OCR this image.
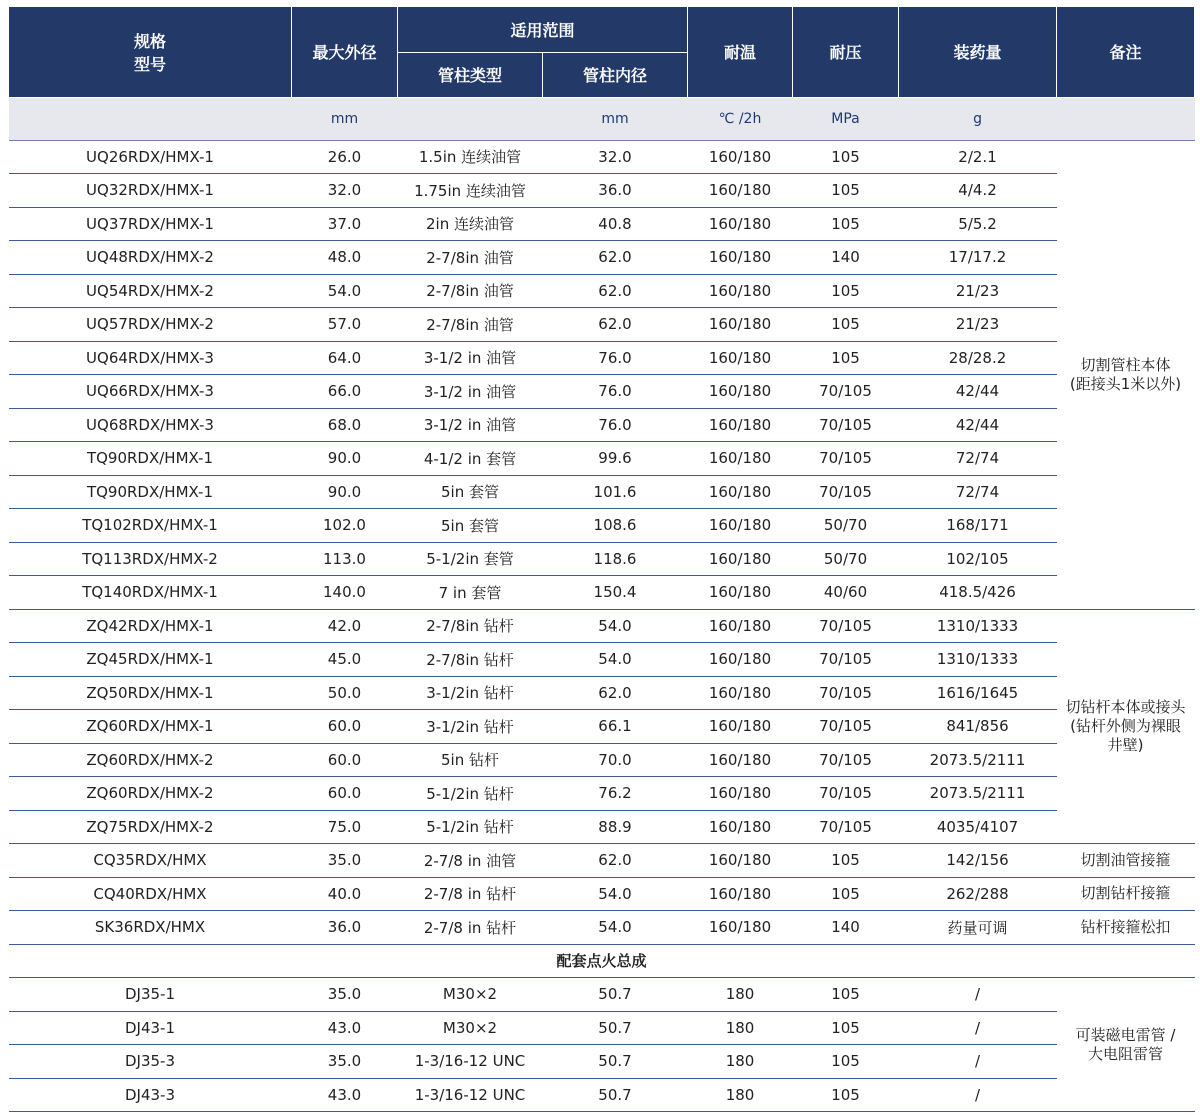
规格
型号	最大外径	适用范围		耐温	耐压	装药量	备注
		管柱类型	管柱内径				
	mm		mm	℃ /2h	MPa	g	
UQ26RDX/HMX-1	26.0	1.5in 连续油管	32.0	160/180	105	2/2.1	切割管柱本体
(距接头1米以外)

UQ32RDX/HMX-1	32.0	1.75in 连续油管	36.0	160/180	105	4/4.2	
UQ37RDX/HMX-1	37.0	2in 连续油管	40.8	160/180	105	5/5.2	
UQ48RDX/HMX-2	48.0	2-7/8in 油管	62.0	160/180	140	17/17.2	
UQ54RDX/HMX-2	54.0	2-7/8in 油管	62.0	160/180	105	21/23	
UQ57RDX/HMX-2	57.0	2-7/8in 油管	62.0	160/180	105	21/23	
UQ64RDX/HMX-3	64.0	3-1/2 in 油管	76.0	160/180	105	28/28.2	
UQ66RDX/HMX-3	66.0	3-1/2 in 油管	76.0	160/180	70/105	42/44	
UQ68RDX/HMX-3	68.0	3-1/2 in 油管	76.0	160/180	70/105	42/44	
TQ90RDX/HMX-1	90.0	4-1/2 in 套管	99.6	160/180	70/105	72/74	
TQ90RDX/HMX-1	90.0	5in 套管	101.6	160/180	70/105	72/74	
TQ102RDX/HMX-1	102.0	5in 套管	108.6	160/180	50/70	168/171	
TQ113RDX/HMX-2	113.0	5-1/2in 套管	118.6	160/180	50/70	102/105	
TQ140RDX/HMX-1	140.0	7 in 套管	150.4	160/180	40/60	418.5/426	
ZQ42RDX/HMX-1	42.0	2-7/8in 钻杆	54.0	160/180	70/105	1310/1333	切钻杆本体或接头
(钻杆外侧为裸眼
井壁)

ZQ45RDX/HMX-1	45.0	2-7/8in 钻杆	54.0	160/180	70/105	1310/1333	
ZQ50RDX/HMX-1	50.0	3-1/2in 钻杆	62.0	160/180	70/105	1616/1645	
ZQ60RDX/HMX-1	60.0	3-1/2in 钻杆	66.1	160/180	70/105	841/856	
ZQ60RDX/HMX-2	60.0	5in 钻杆	70.0	160/180	70/105	2073.5/2111	
ZQ60RDX/HMX-2	60.0	5-1/2in 钻杆	76.2	160/180	70/105	2073.5/2111	
ZQ75RDX/HMX-2	75.0	5-1/2in 钻杆	88.9	160/180	70/105	4035/4107	
CQ35RDX/HMX	35.0	2-7/8 in 油管	62.0	160/180	105	142/156	切割油管接箍
CQ40RDX/HMX	40.0	2-7/8 in 钻杆	54.0	160/180	105	262/288	切割钻杆接箍
SK36RDX/HMX	36.0	2-7/8 in 钻杆	54.0	160/180	140	药量可调	钻杆接箍松扣
配套点火总成							
DJ35-1	35.0	M30×2	50.7	180	105	/	可装磁电雷管 /
大电阻雷管

DJ43-1	43.0	M30×2	50.7	180	105	/	
DJ35-3	35.0	1-3/16-12 UNC	50.7	180	105	/	
DJ43-3	43.0	1-3/16-12 UNC	50.7	180	105	/	
